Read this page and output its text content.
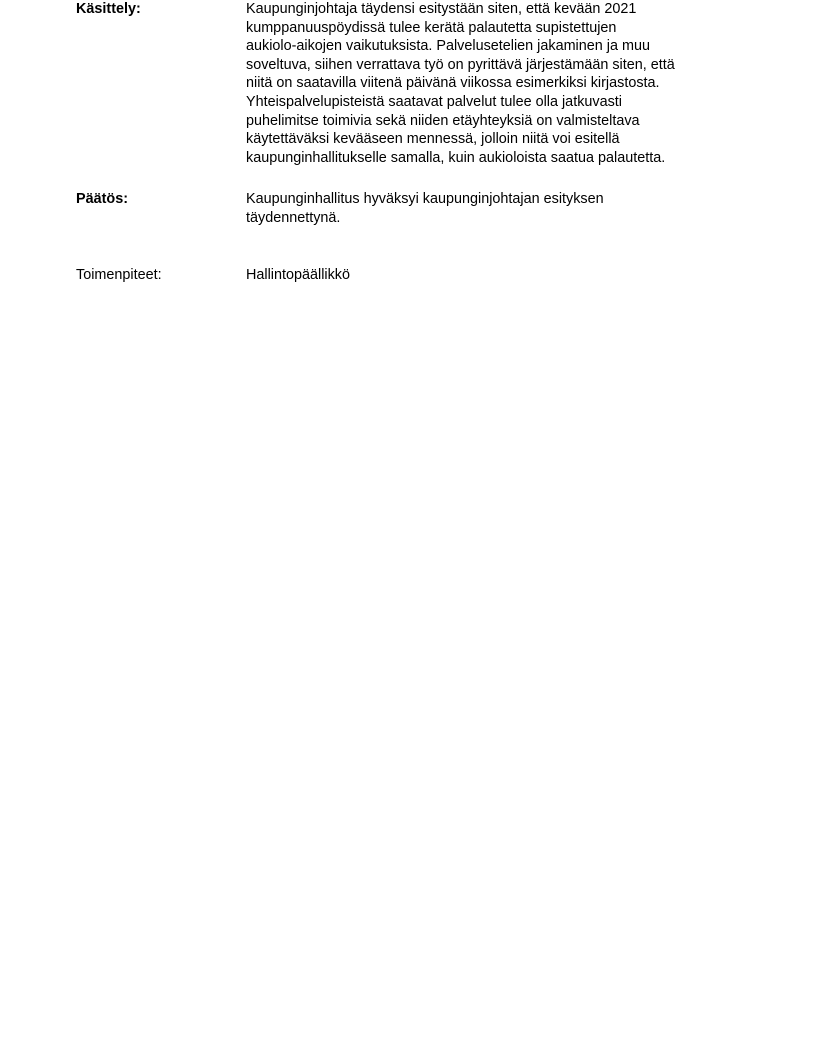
Käsittely:	Kaupunginjohtaja täydensi esitystään siten, että kevään 2021
kumppanuuspöydissä tulee kerätä palautetta supistettujen
aukiolo-aikojen vaikutuksista. Palvelusetelien jakaminen ja muu
soveltuva, siihen verrattava työ on pyrittävä järjestämään siten, että
niitä on saatavilla viitenä päivänä viikossa esimerkiksi kirjastosta.
Yhteispalvelupisteistä saatavat palvelut tulee olla jatkuvasti
puhelimitse toimivia sekä niiden etäyhteyksiä on valmisteltava
käytettäväksi kevääseen mennessä, jolloin niitä voi esitellä
kaupunginhallitukselle samalla, kuin aukioloista saatua palautetta.
Päätös:	Kaupunginhallitus hyväksyi kaupunginjohtajan esityksen
täydennettynä.
Toimenpiteet:	Hallintopäällikkö
